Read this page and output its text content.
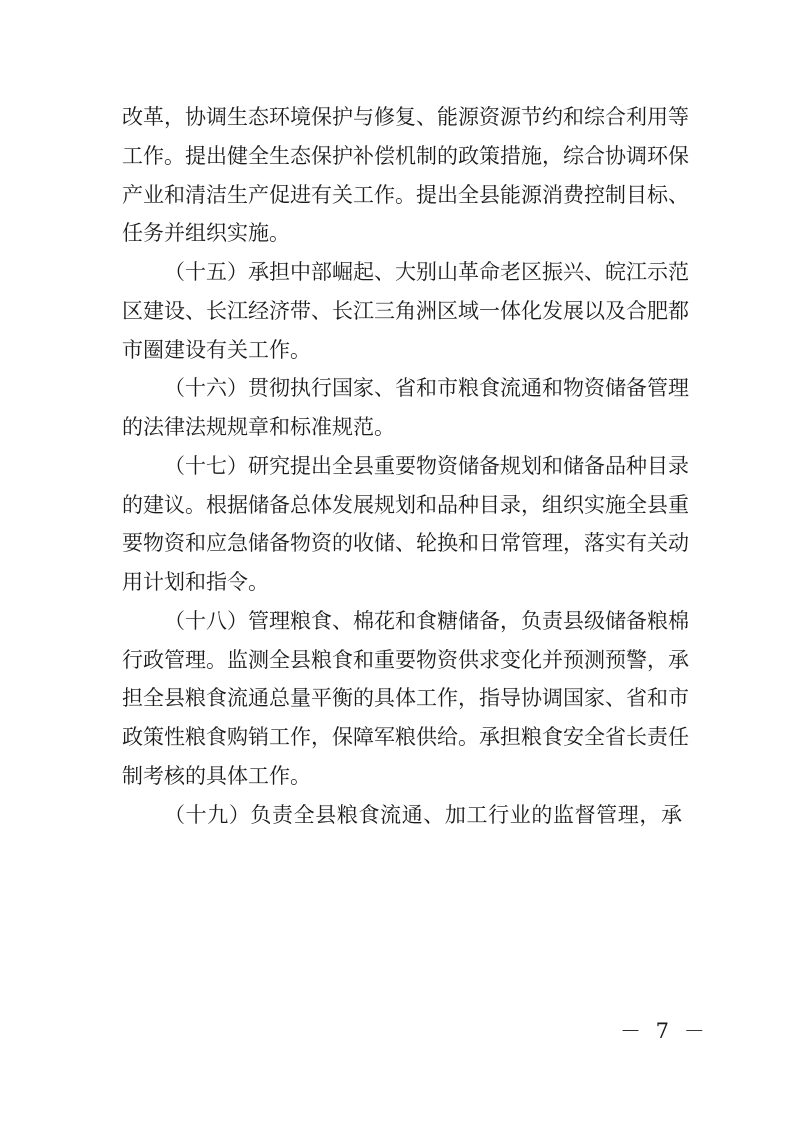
改革，协调生态环境保护与修复、能源资源节约和综合利用等
工作。提出健全生态保护补偿机制的政策措施，综合协调环保
产业和清洁生产促进有关工作。提出全县能源消费控制目标、
任务并组织实施。
（十五）承担中部崛起、大别山革命老区振兴、皖江示范
区建设、长江经济带、长江三角洲区域一体化发展以及合肥都
市圈建设有关工作。
（十六）贯彻执行国家、省和市粮食流通和物资储备管理
的法律法规规章和标准规范。
（十七）研究提出全县重要物资储备规划和储备品种目录
的建议。根据储备总体发展规划和品种目录，组织实施全县重
要物资和应急储备物资的收储、轮换和日常管理，落实有关动
用计划和指令。
（十八）管理粮食、棉花和食糖储备，负责县级储备粮棉
行政管理。监测全县粮食和重要物资供求变化并预测预警，承
担全县粮食流通总量平衡的具体工作，指导协调国家、省和市
政策性粮食购销工作，保障军粮供给。承担粮食安全省长责任
制考核的具体工作。
（十九）负责全县粮食流通、加工行业的监督管理，承
－ 7 －
